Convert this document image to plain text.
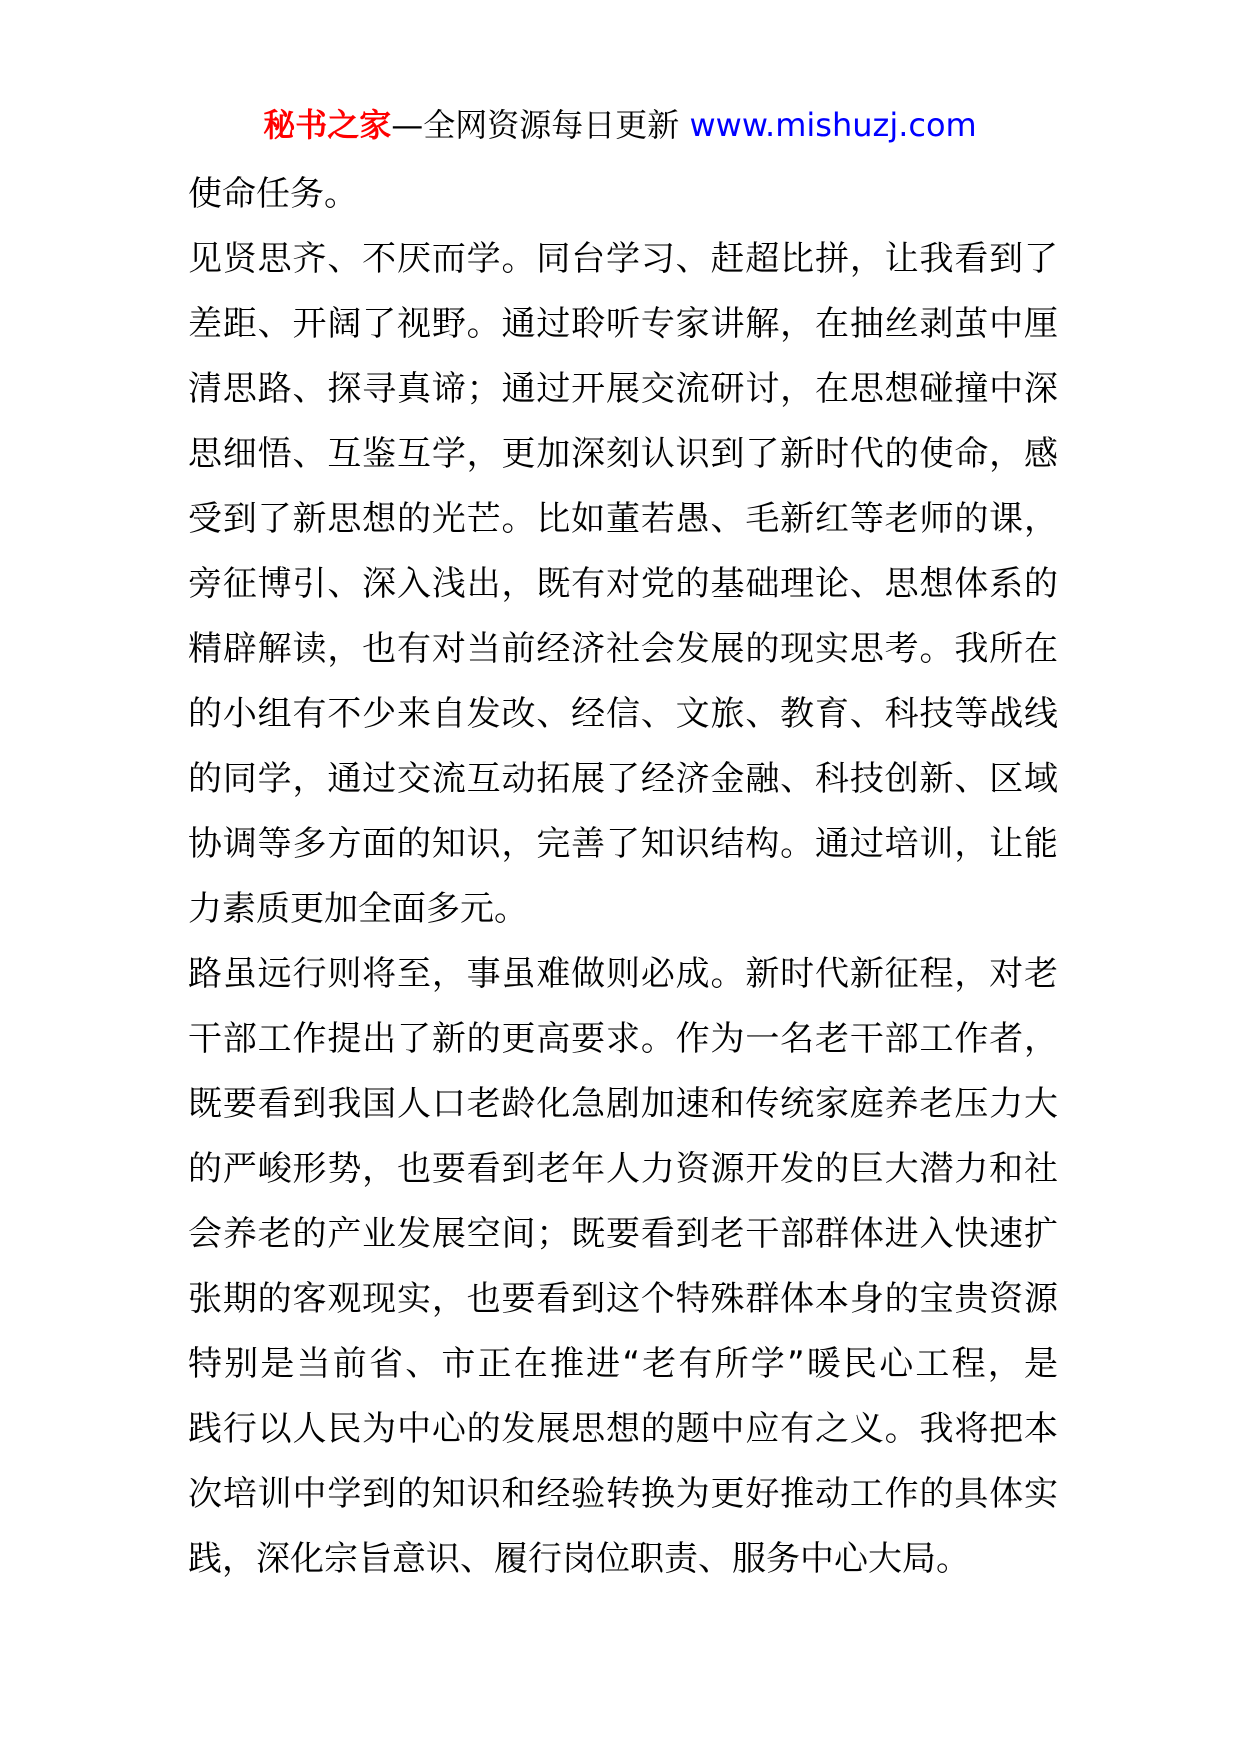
秘书之家—全网资源每日更新 www.mishuzj.com
使命任务。
见贤思齐、不厌而学。同台学习、赶超比拼，让我看到了
差距、开阔了视野。通过聆听专家讲解，在抽丝剥茧中厘
清思路、探寻真谛；通过开展交流研讨，在思想碰撞中深
思细悟、互鉴互学，更加深刻认识到了新时代的使命，感
受到了新思想的光芒。比如董若愚、毛新红等老师的课，
旁征博引、深入浅出，既有对党的基础理论、思想体系的
精辟解读，也有对当前经济社会发展的现实思考。我所在
的小组有不少来自发改、经信、文旅、教育、科技等战线
的同学，通过交流互动拓展了经济金融、科技创新、区域
协调等多方面的知识，完善了知识结构。通过培训，让能
力素质更加全面多元。
路虽远行则将至，事虽难做则必成。新时代新征程，对老
干部工作提出了新的更高要求。作为一名老干部工作者，
既要看到我国人口老龄化急剧加速和传统家庭养老压力大
的严峻形势，也要看到老年人力资源开发的巨大潜力和社
会养老的产业发展空间；既要看到老干部群体进入快速扩
张期的客观现实，也要看到这个特殊群体本身的宝贵资源
特别是当前省、市正在推进“老有所学”暖民心工程，是
践行以人民为中心的发展思想的题中应有之义。我将把本
次培训中学到的知识和经验转换为更好推动工作的具体实
践，深化宗旨意识、履行岗位职责、服务中心大局。
